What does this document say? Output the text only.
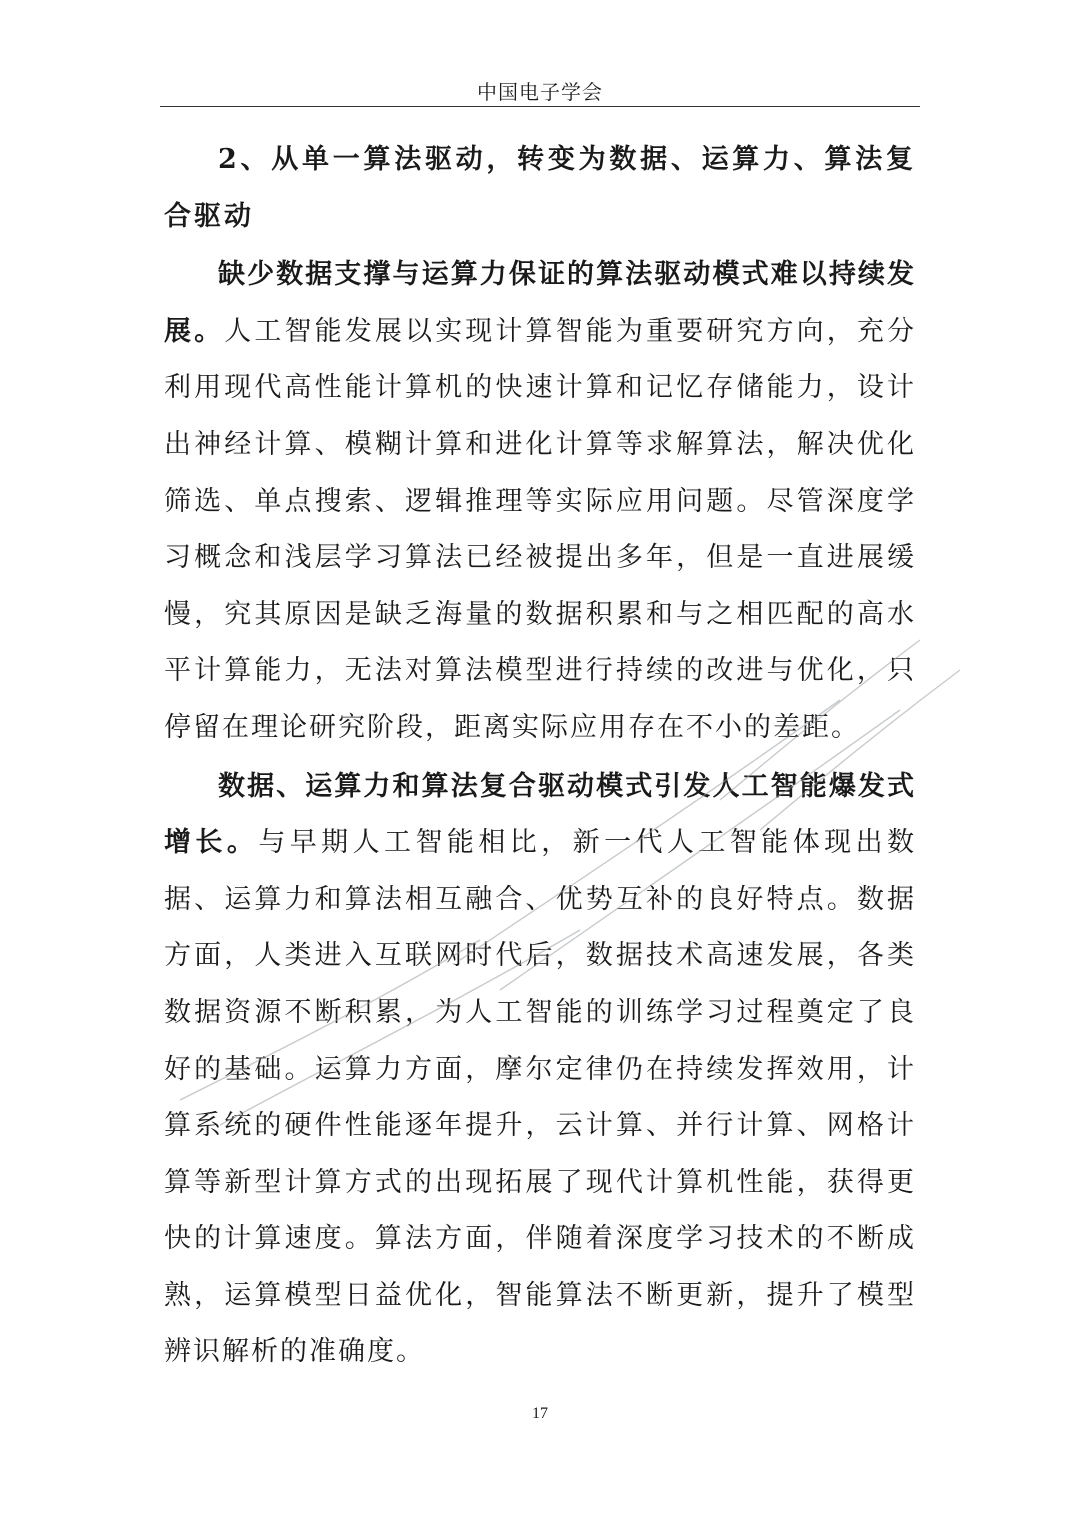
中国电子学会
2、从单一算法驱动，转变为数据、运算力、算法复合驱动

缺少数据支撑与运算力保证的算法驱动模式难以持续发展。人工智能发展以实现计算智能为重要研究方向，充分利用现代高性能计算机的快速计算和记忆存储能力，设计出神经计算、模糊计算和进化计算等求解算法，解决优化筛选、单点搜索、逻辑推理等实际应用问题。尽管深度学习概念和浅层学习算法已经被提出多年，但是一直进展缓慢，究其原因是缺乏海量的数据积累和与之相匹配的高水平计算能力，无法对算法模型进行持续的改进与优化，只停留在理论研究阶段，距离实际应用存在不小的差距。

数据、运算力和算法复合驱动模式引发人工智能爆发式增长。与早期人工智能相比，新一代人工智能体现出数据、运算力和算法相互融合、优势互补的良好特点。数据方面，人类进入互联网时代后，数据技术高速发展，各类数据资源不断积累，为人工智能的训练学习过程奠定了良好的基础。运算力方面，摩尔定律仍在持续发挥效用，计算系统的硬件性能逐年提升，云计算、并行计算、网格计算等新型计算方式的出现拓展了现代计算机性能，获得更快的计算速度。算法方面，伴随着深度学习技术的不断成熟，运算模型日益优化，智能算法不断更新，提升了模型辨识解析的准确度。

17
